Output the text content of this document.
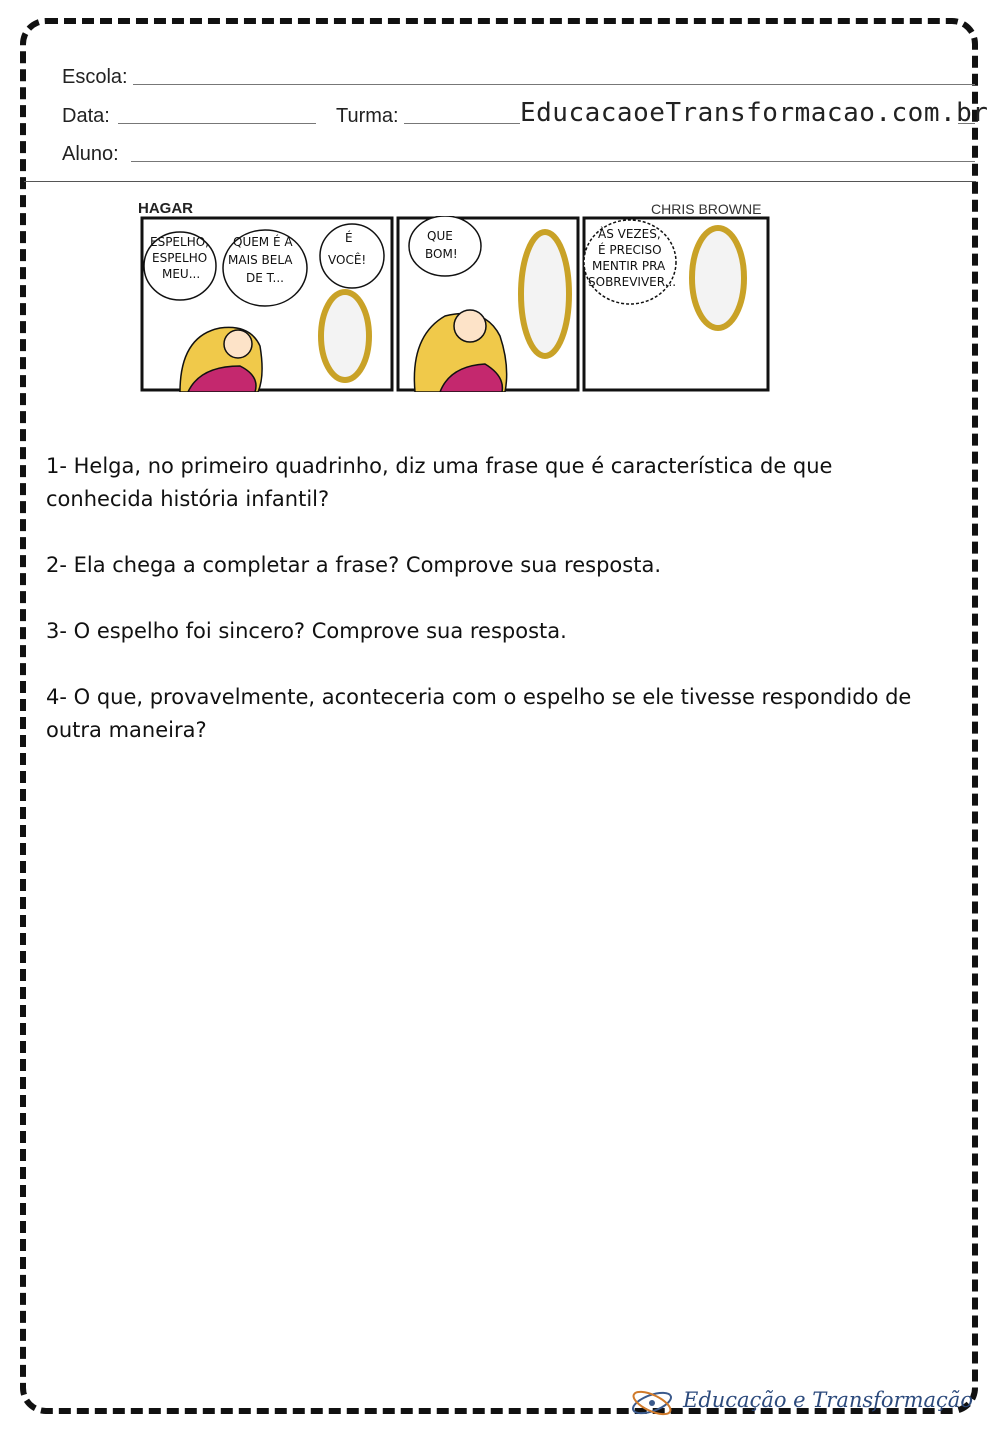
Escola:
Data:	Turma:	EducacaoeTransformacao.com.br
Aluno:
HAGAR	CHRIS BROWNE
ESPELHO,
ESPELHO
MEU...
QUEM É A
MAIS BELA
DE T...
É
VOCÊ!
QUE
BOM!
ÀS VEZES,
É PRECISO
MENTIR PRA
SOBREVIVER...

1- Helga, no primeiro quadrinho, diz uma frase que é característica de que conhecida história infantil?

2- Ela chega a completar a frase? Comprove sua resposta.

3- O espelho foi sincero? Comprove sua resposta.

4- O que, provavelmente, aconteceria com o espelho se ele tivesse respondido de outra maneira?

Educação e Transformação
